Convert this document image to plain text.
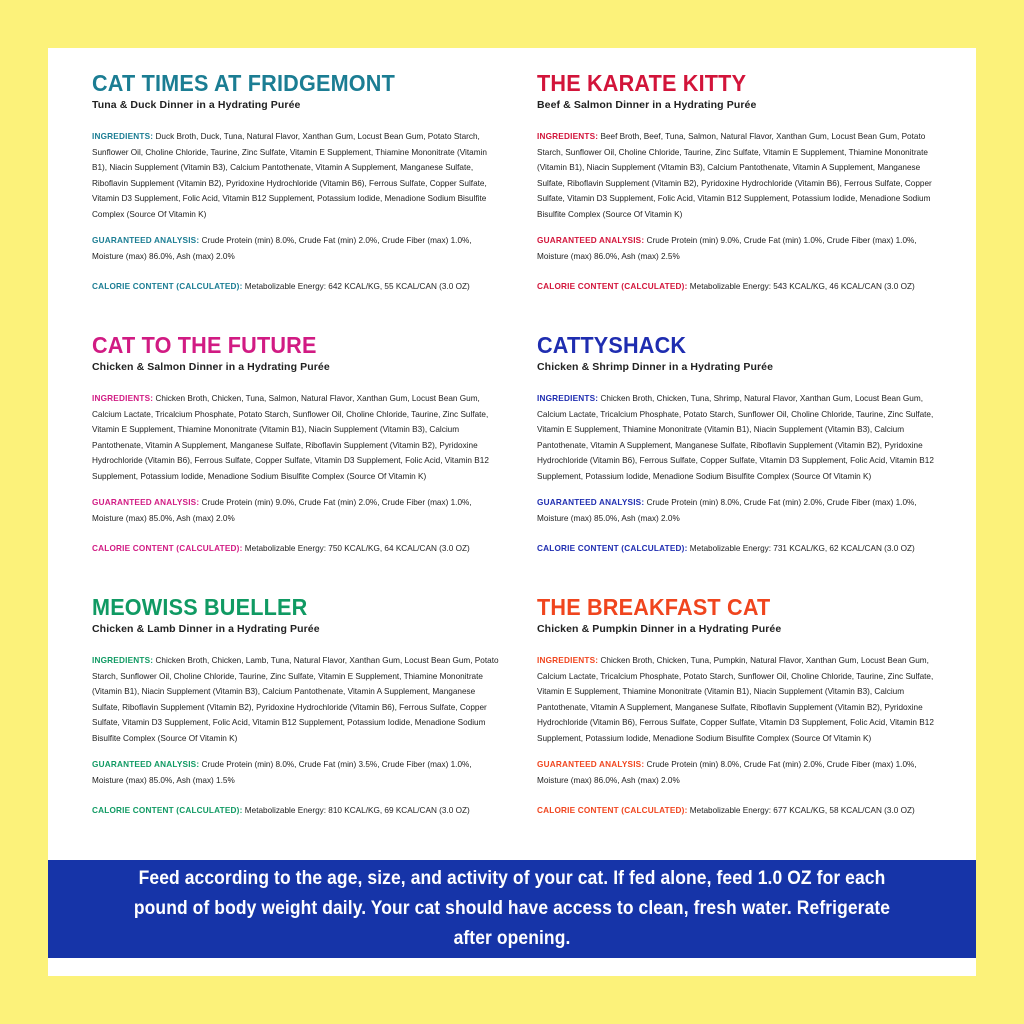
CAT TIMES AT FRIDGEMONT
Tuna & Duck Dinner in a Hydrating Purée
INGREDIENTS: Duck Broth, Duck, Tuna, Natural Flavor, Xanthan Gum, Locust Bean Gum, Potato Starch, Sunflower Oil, Choline Chloride, Taurine, Zinc Sulfate, Vitamin E Supplement, Thiamine Mononitrate (Vitamin B1), Niacin Supplement (Vitamin B3), Calcium Pantothenate, Vitamin A Supplement, Manganese Sulfate, Riboflavin Supplement (Vitamin B2), Pyridoxine Hydrochloride (Vitamin B6), Ferrous Sulfate, Copper Sulfate, Vitamin D3 Supplement, Folic Acid, Vitamin B12 Supplement, Potassium Iodide, Menadione Sodium Bisulfite Complex (Source Of Vitamin K)
GUARANTEED ANALYSIS: Crude Protein (min) 8.0%, Crude Fat (min) 2.0%, Crude Fiber (max) 1.0%, Moisture (max) 86.0%, Ash (max) 2.0%
CALORIE CONTENT (CALCULATED): Metabolizable Energy: 642 KCAL/KG, 55 KCAL/CAN (3.0 OZ)
THE KARATE KITTY
Beef & Salmon Dinner in a Hydrating Purée
INGREDIENTS: Beef Broth, Beef, Tuna, Salmon, Natural Flavor, Xanthan Gum, Locust Bean Gum, Potato Starch, Sunflower Oil, Choline Chloride, Taurine, Zinc Sulfate, Vitamin E Supplement, Thiamine Mononitrate (Vitamin B1), Niacin Supplement (Vitamin B3), Calcium Pantothenate, Vitamin A Supplement, Manganese Sulfate, Riboflavin Supplement (Vitamin B2), Pyridoxine Hydrochloride (Vitamin B6), Ferrous Sulfate, Copper Sulfate, Vitamin D3 Supplement, Folic Acid, Vitamin B12 Supplement, Potassium Iodide, Menadione Sodium Bisulfite Complex (Source Of Vitamin K)
GUARANTEED ANALYSIS: Crude Protein (min) 9.0%, Crude Fat (min) 1.0%, Crude Fiber (max) 1.0%, Moisture (max) 86.0%, Ash (max) 2.5%
CALORIE CONTENT (CALCULATED): Metabolizable Energy: 543 KCAL/KG, 46 KCAL/CAN (3.0 OZ)
CAT TO THE FUTURE
Chicken & Salmon Dinner in a Hydrating Purée
INGREDIENTS: Chicken Broth, Chicken, Tuna, Salmon, Natural Flavor, Xanthan Gum, Locust Bean Gum, Calcium Lactate, Tricalcium Phosphate, Potato Starch, Sunflower Oil, Choline Chloride, Taurine, Zinc Sulfate, Vitamin E Supplement, Thiamine Mononitrate (Vitamin B1), Niacin Supplement (Vitamin B3), Calcium Pantothenate, Vitamin A Supplement, Manganese Sulfate, Riboflavin Supplement (Vitamin B2), Pyridoxine Hydrochloride (Vitamin B6), Ferrous Sulfate, Copper Sulfate, Vitamin D3 Supplement, Folic Acid, Vitamin B12 Supplement, Potassium Iodide, Menadione Sodium Bisulfite Complex (Source Of Vitamin K)
GUARANTEED ANALYSIS: Crude Protein (min) 9.0%, Crude Fat (min) 2.0%, Crude Fiber (max) 1.0%, Moisture (max) 85.0%, Ash (max) 2.0%
CALORIE CONTENT (CALCULATED): Metabolizable Energy: 750 KCAL/KG, 64 KCAL/CAN (3.0 OZ)
CATTYSHACK
Chicken & Shrimp Dinner in a Hydrating Purée
INGREDIENTS: Chicken Broth, Chicken, Tuna, Shrimp, Natural Flavor, Xanthan Gum, Locust Bean Gum, Calcium Lactate, Tricalcium Phosphate, Potato Starch, Sunflower Oil, Choline Chloride, Taurine, Zinc Sulfate, Vitamin E Supplement, Thiamine Mononitrate (Vitamin B1), Niacin Supplement (Vitamin B3), Calcium Pantothenate, Vitamin A Supplement, Manganese Sulfate, Riboflavin Supplement (Vitamin B2), Pyridoxine Hydrochloride (Vitamin B6), Ferrous Sulfate, Copper Sulfate, Vitamin D3 Supplement, Folic Acid, Vitamin B12 Supplement, Potassium Iodide, Menadione Sodium Bisulfite Complex (Source Of Vitamin K)
GUARANTEED ANALYSIS: Crude Protein (min) 8.0%, Crude Fat (min) 2.0%, Crude Fiber (max) 1.0%, Moisture (max) 85.0%, Ash (max) 2.0%
CALORIE CONTENT (CALCULATED): Metabolizable Energy: 731 KCAL/KG, 62 KCAL/CAN (3.0 OZ)
MEOWISS BUELLER
Chicken & Lamb Dinner in a Hydrating Purée
INGREDIENTS: Chicken Broth, Chicken, Lamb, Tuna, Natural Flavor, Xanthan Gum, Locust Bean Gum, Potato Starch, Sunflower Oil, Choline Chloride, Taurine, Zinc Sulfate, Vitamin E Supplement, Thiamine Mononitrate (Vitamin B1), Niacin Supplement (Vitamin B3), Calcium Pantothenate, Vitamin A Supplement, Manganese Sulfate, Riboflavin Supplement (Vitamin B2), Pyridoxine Hydrochloride (Vitamin B6), Ferrous Sulfate, Copper Sulfate, Vitamin D3 Supplement, Folic Acid, Vitamin B12 Supplement, Potassium Iodide, Menadione Sodium Bisulfite Complex (Source Of Vitamin K)
GUARANTEED ANALYSIS: Crude Protein (min) 8.0%, Crude Fat (min) 3.5%, Crude Fiber (max) 1.0%, Moisture (max) 85.0%, Ash (max) 1.5%
CALORIE CONTENT (CALCULATED): Metabolizable Energy: 810 KCAL/KG, 69 KCAL/CAN (3.0 OZ)
THE BREAKFAST CAT
Chicken & Pumpkin Dinner in a Hydrating Purée
INGREDIENTS: Chicken Broth, Chicken, Tuna, Pumpkin, Natural Flavor, Xanthan Gum, Locust Bean Gum, Calcium Lactate, Tricalcium Phosphate, Potato Starch, Sunflower Oil, Choline Chloride, Taurine, Zinc Sulfate, Vitamin E Supplement, Thiamine Mononitrate (Vitamin B1), Niacin Supplement (Vitamin B3), Calcium Pantothenate, Vitamin A Supplement, Manganese Sulfate, Riboflavin Supplement (Vitamin B2), Pyridoxine Hydrochloride (Vitamin B6), Ferrous Sulfate, Copper Sulfate, Vitamin D3 Supplement, Folic Acid, Vitamin B12 Supplement, Potassium Iodide, Menadione Sodium Bisulfite Complex (Source Of Vitamin K)
GUARANTEED ANALYSIS: Crude Protein (min) 8.0%, Crude Fat (min) 2.0%, Crude Fiber (max) 1.0%, Moisture (max) 86.0%, Ash (max) 2.0%
CALORIE CONTENT (CALCULATED): Metabolizable Energy: 677 KCAL/KG, 58 KCAL/CAN (3.0 OZ)
Feed according to the age, size, and activity of your cat. If fed alone, feed 1.0 OZ for each pound of body weight daily. Your cat should have access to clean, fresh water. Refrigerate after opening.
